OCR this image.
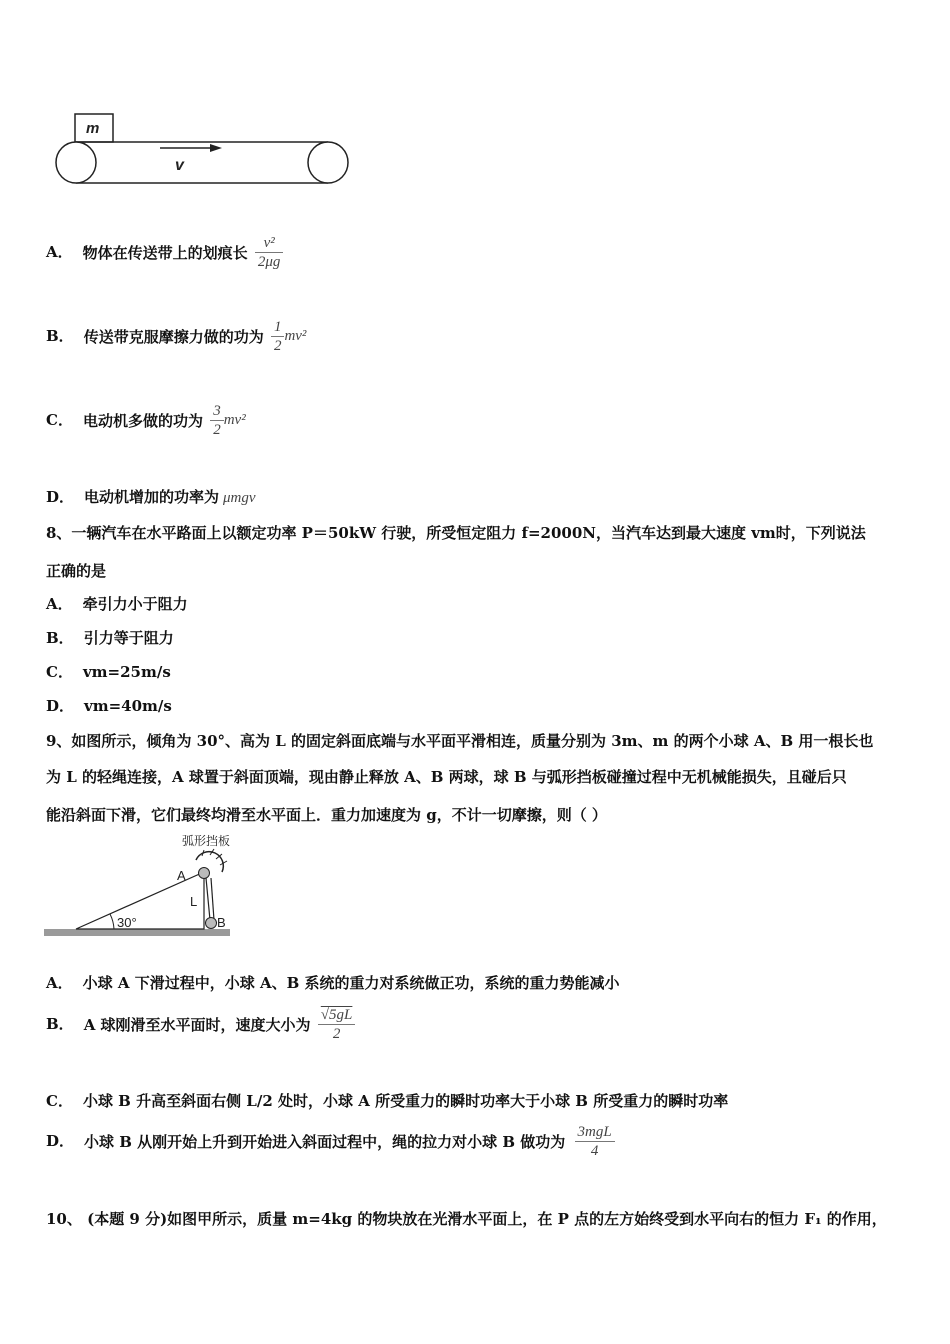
m
v
A． 物体在传送带上的划痕长 $\frac{\text{v²}}{2\mu g}$
B． 传送带克服摩擦力做的功为 $\frac{1}{2} mv^2$
C． 电动机多做的功为 $\frac{3}{2} mv^2$
D． 电动机增加的功率为 μmgv
8、一辆汽车在水平路面上以额定功率 P＝50kW 行驶，所受恒定阻力 f=2000N，当汽车达到最大速度 vm时，下列说法
正确的是
A． 牵引力小于阻力
B． 引力等于阻力
C． vm=25m/s
D． vm=40m/s
9、如图所示，倾角为 30°、高为 L 的固定斜面底端与水平面平滑相连，质量分别为 3m、m 的两个小球 A、B 用一根长也
为 L 的轻绳连接，A 球置于斜面顶端，现由静止释放 A、B 两球，球 B 与弧形挡板碰撞过程中无机械能损失，且碰后只
能沿斜面下滑，它们最终均滑至水平面上．重力加速度为 g，不计一切摩擦，则（ ）
弧形挡板
30°
A
L
B
A． 小球 A 下滑过程中，小球 A、B 系统的重力对系统做正功，系统的重力势能减小
B． A 球刚滑至水平面时，速度大小为 $\frac{√5gL}{2}$
C． 小球 B 升高至斜面右侧 L/2 处时，小球 A 所受重力的瞬时功率大于小球 B 所受重力的瞬时功率
D． 小球 B 从刚开始上升到开始进入斜面过程中，绳的拉力对小球 B 做功为 $\frac{\text{3mgL}}{4}$
10、 (本题 9 分)如图甲所示，质量 m=4kg 的物块放在光滑水平面上，在 P 点的左方始终受到水平向右的恒力 F₁ 的作用，
